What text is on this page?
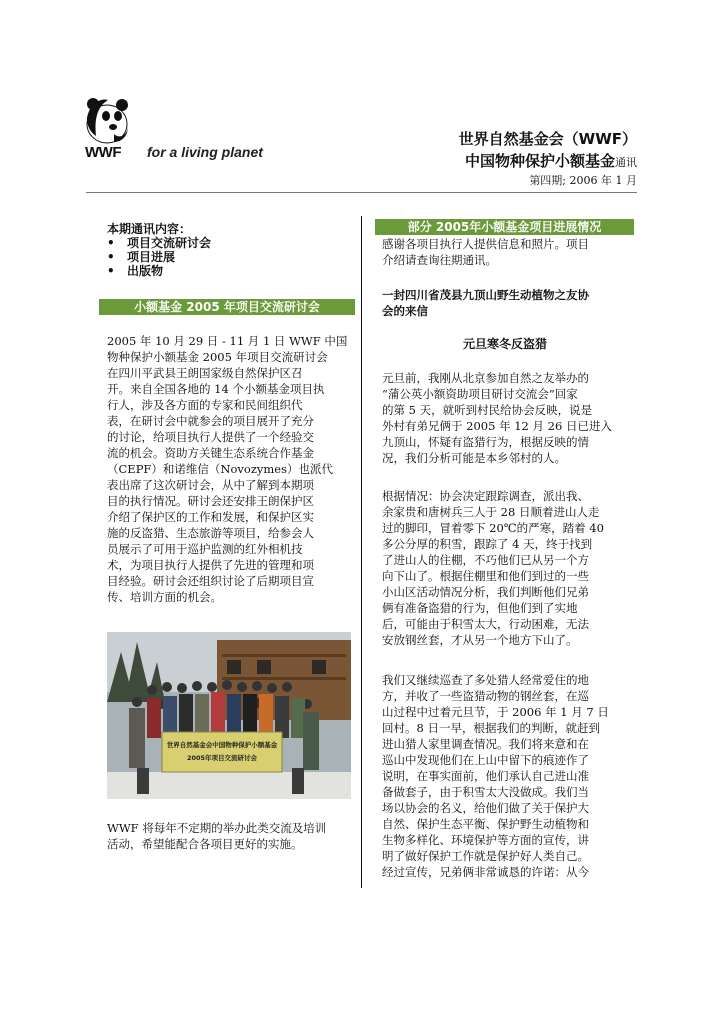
WWF for a living planet
世界自然基金会（WWF）
中国物种保护小额基金通讯
第四期; 2006 年 1 月
本期通讯内容：
• 项目交流研讨会
• 项目进展
• 出版物
小额基金 2005 年项目交流研讨会

2005 年 10 月 29 日 - 11 月 1 日 WWF 中国
物种保护小额基金 2005 年项目交流研讨会
在四川平武县王朗国家级自然保护区召
开。来自全国各地的 14 个小额基金项目执
行人，涉及各方面的专家和民间组织代
表，在研讨会中就参会的项目展开了充分
的讨论，给项目执行人提供了一个经验交
流的机会。资助方关键生态系统合作基金
（CEPF）和诺维信（Novozymes）也派代
表出席了这次研讨会，从中了解到本期项
目的执行情况。研讨会还安排王朗保护区
介绍了保护区的工作和发展，和保护区实
施的反盗猎、生态旅游等项目，给参会人
员展示了可用于巡护监测的红外相机技
术，为项目执行人提供了先进的管理和项
目经验。研讨会还组织讨论了后期项目宣
传、培训方面的机会。

世界自然基金会中国物种保护小额基金
2005年项目交流研讨会

WWF 将每年不定期的举办此类交流及培训
活动，希望能配合各项目更好的实施。

部分 2005年小额基金项目进展情况

感谢各项目执行人提供信息和照片。项目
介绍请查询往期通讯。

一封四川省茂县九顶山野生动植物之友协
会的来信

元旦寒冬反盗猎

元旦前，我刚从北京参加自然之友举办的
“蒲公英小额资助项目研讨交流会”回家
的第 5 天，就听到村民给协会反映，说是
外村有弟兄俩于 2005 年 12 月 26 日已进入
九顶山，怀疑有盗猎行为，根据反映的情
况，我们分析可能是本乡邻村的人。

根据情况：协会决定跟踪调查，派出我、
余家贵和唐树兵三人于 28 日顺着进山人走
过的脚印，冒着零下 20℃的严寒，踏着 40
多公分厚的积雪，跟踪了 4 天，终于找到
了进山人的住棚，不巧他们已从另一个方
向下山了。根据住棚里和他们到过的一些
小山区活动情况分析，我们判断他们兄弟
俩有准备盗猎的行为，但他们到了实地
后，可能由于积雪太大，行动困难，无法
安放钢丝套，才从另一个地方下山了。

我们又继续巡查了多处猎人经常爱住的地
方，并收了一些盗猎动物的钢丝套，在巡
山过程中过着元旦节，于 2006 年 1 月 7 日
回村。8 日一早，根据我们的判断，就赶到
进山猎人家里调查情况。我们将来意和在
巡山中发现他们在上山中留下的痕迹作了
说明，在事实面前，他们承认自己进山准
备做套子，由于积雪太大没做成。我们当
场以协会的名义，给他们做了关于保护大
自然、保护生态平衡、保护野生动植物和
生物多样化、环境保护等方面的宣传，讲
明了做好保护工作就是保护好人类自己。
经过宣传，兄弟俩非常诚恳的许诺：从今
